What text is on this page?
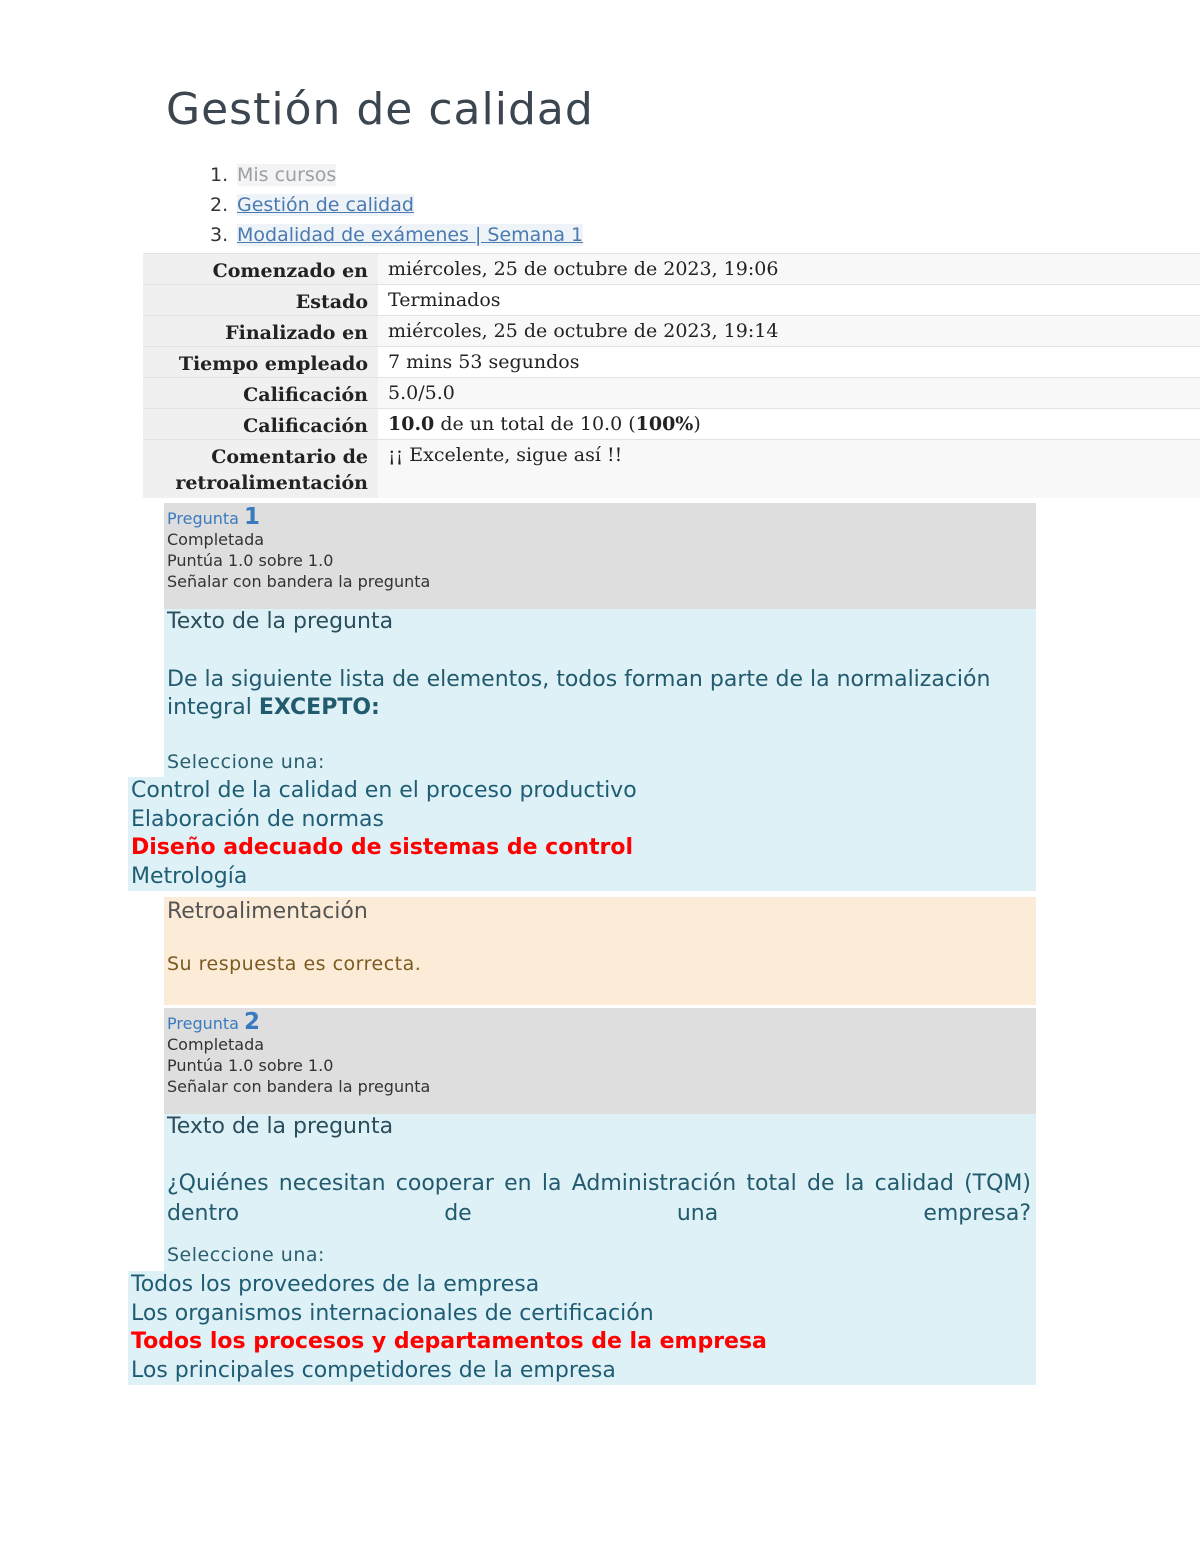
Gestión de calidad
1. Mis cursos
2. Gestión de calidad
3. Modalidad de exámenes | Semana 1
Comenzado en	miércoles, 25 de octubre de 2023, 19:06
Estado	Terminados
Finalizado en	miércoles, 25 de octubre de 2023, 19:14
Tiempo empleado	7 mins 53 segundos
Calificación	5.0/5.0
Calificación	10.0 de un total de 10.0 (100%)
Comentario de retroalimentación	¡¡ Excelente, sigue así !!
Pregunta 1
Completada
Puntúa 1.0 sobre 1.0
Señalar con bandera la pregunta
Texto de la pregunta
De la siguiente lista de elementos, todos forman parte de la normalización integral EXCEPTO:
Seleccione una:
Control de la calidad en el proceso productivo
Elaboración de normas
Diseño adecuado de sistemas de control
Metrología
Retroalimentación
Su respuesta es correcta.
Pregunta 2
Completada
Puntúa 1.0 sobre 1.0
Señalar con bandera la pregunta
Texto de la pregunta
¿Quiénes necesitan cooperar en la Administración total de la calidad (TQM) dentro de una empresa?
Seleccione una:
Todos los proveedores de la empresa
Los organismos internacionales de certificación
Todos los procesos y departamentos de la empresa
Los principales competidores de la empresa
